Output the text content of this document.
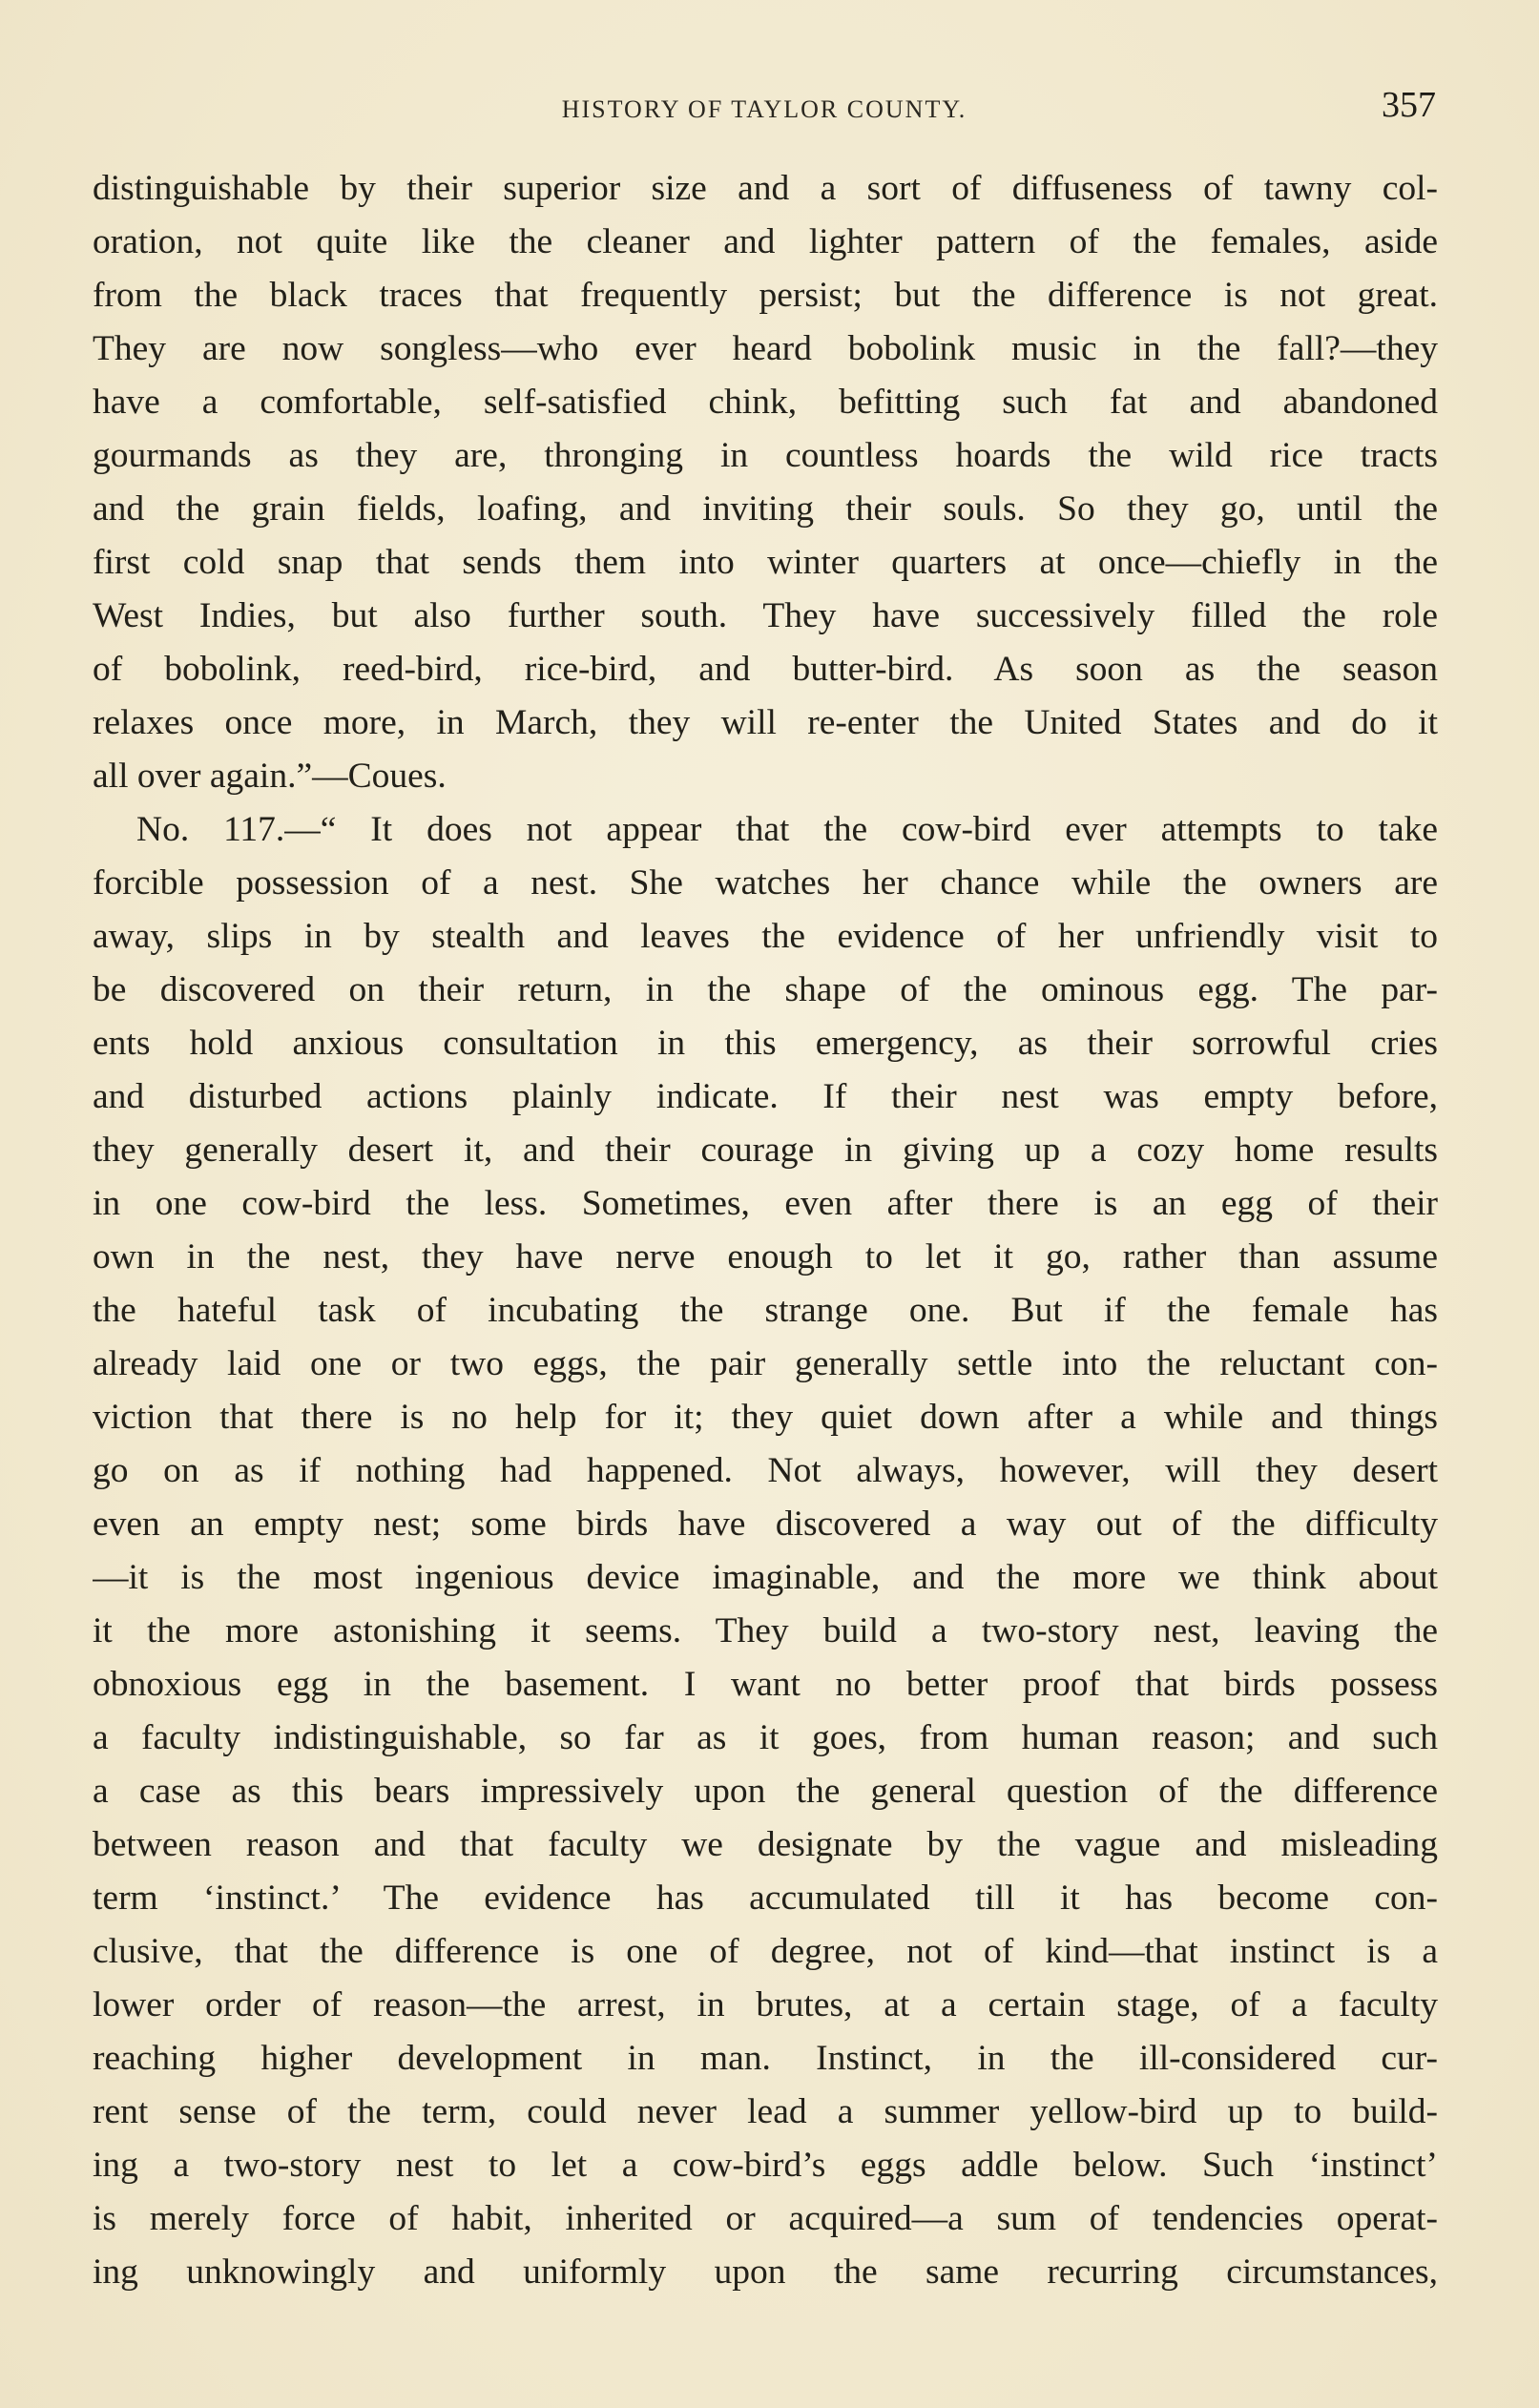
HISTORY OF TAYLOR COUNTY.	357
distinguishable by their superior size and a sort of diffuseness of tawny col-
oration, not quite like the cleaner and lighter pattern of the females, aside
from the black traces that frequently persist; but the difference is not great.
They are now songless—who ever heard bobolink music in the fall?—they
have a comfortable, self-satisfied chink, befitting such fat and abandoned
gourmands as they are, thronging in countless hoards the wild rice tracts
and the grain fields, loafing, and inviting their souls. So they go, until the
first cold snap that sends them into winter quarters at once—chiefly in the
West Indies, but also further south. They have successively filled the role
of bobolink, reed-bird, rice-bird, and butter-bird. As soon as the season
relaxes once more, in March, they will re-enter the United States and do it
all over again.”—Coues.
No. 117.—“ It does not appear that the cow-bird ever attempts to take
forcible possession of a nest. She watches her chance while the owners are
away, slips in by stealth and leaves the evidence of her unfriendly visit to
be discovered on their return, in the shape of the ominous egg. The par-
ents hold anxious consultation in this emergency, as their sorrowful cries
and disturbed actions plainly indicate. If their nest was empty before,
they generally desert it, and their courage in giving up a cozy home results
in one cow-bird the less. Sometimes, even after there is an egg of their
own in the nest, they have nerve enough to let it go, rather than assume
the hateful task of incubating the strange one. But if the female has
already laid one or two eggs, the pair generally settle into the reluctant con-
viction that there is no help for it; they quiet down after a while and things
go on as if nothing had happened. Not always, however, will they desert
even an empty nest; some birds have discovered a way out of the difficulty
—it is the most ingenious device imaginable, and the more we think about
it the more astonishing it seems. They build a two-story nest, leaving the
obnoxious egg in the basement. I want no better proof that birds possess
a faculty indistinguishable, so far as it goes, from human reason; and such
a case as this bears impressively upon the general question of the difference
between reason and that faculty we designate by the vague and misleading
term ‘instinct.’ The evidence has accumulated till it has become con-
clusive, that the difference is one of degree, not of kind—that instinct is a
lower order of reason—the arrest, in brutes, at a certain stage, of a faculty
reaching higher development in man. Instinct, in the ill-considered cur-
rent sense of the term, could never lead a summer yellow-bird up to build-
ing a two-story nest to let a cow-bird’s eggs addle below. Such ‘instinct’
is merely force of habit, inherited or acquired—a sum of tendencies operat-
ing unknowingly and uniformly upon the same recurring circumstances,
